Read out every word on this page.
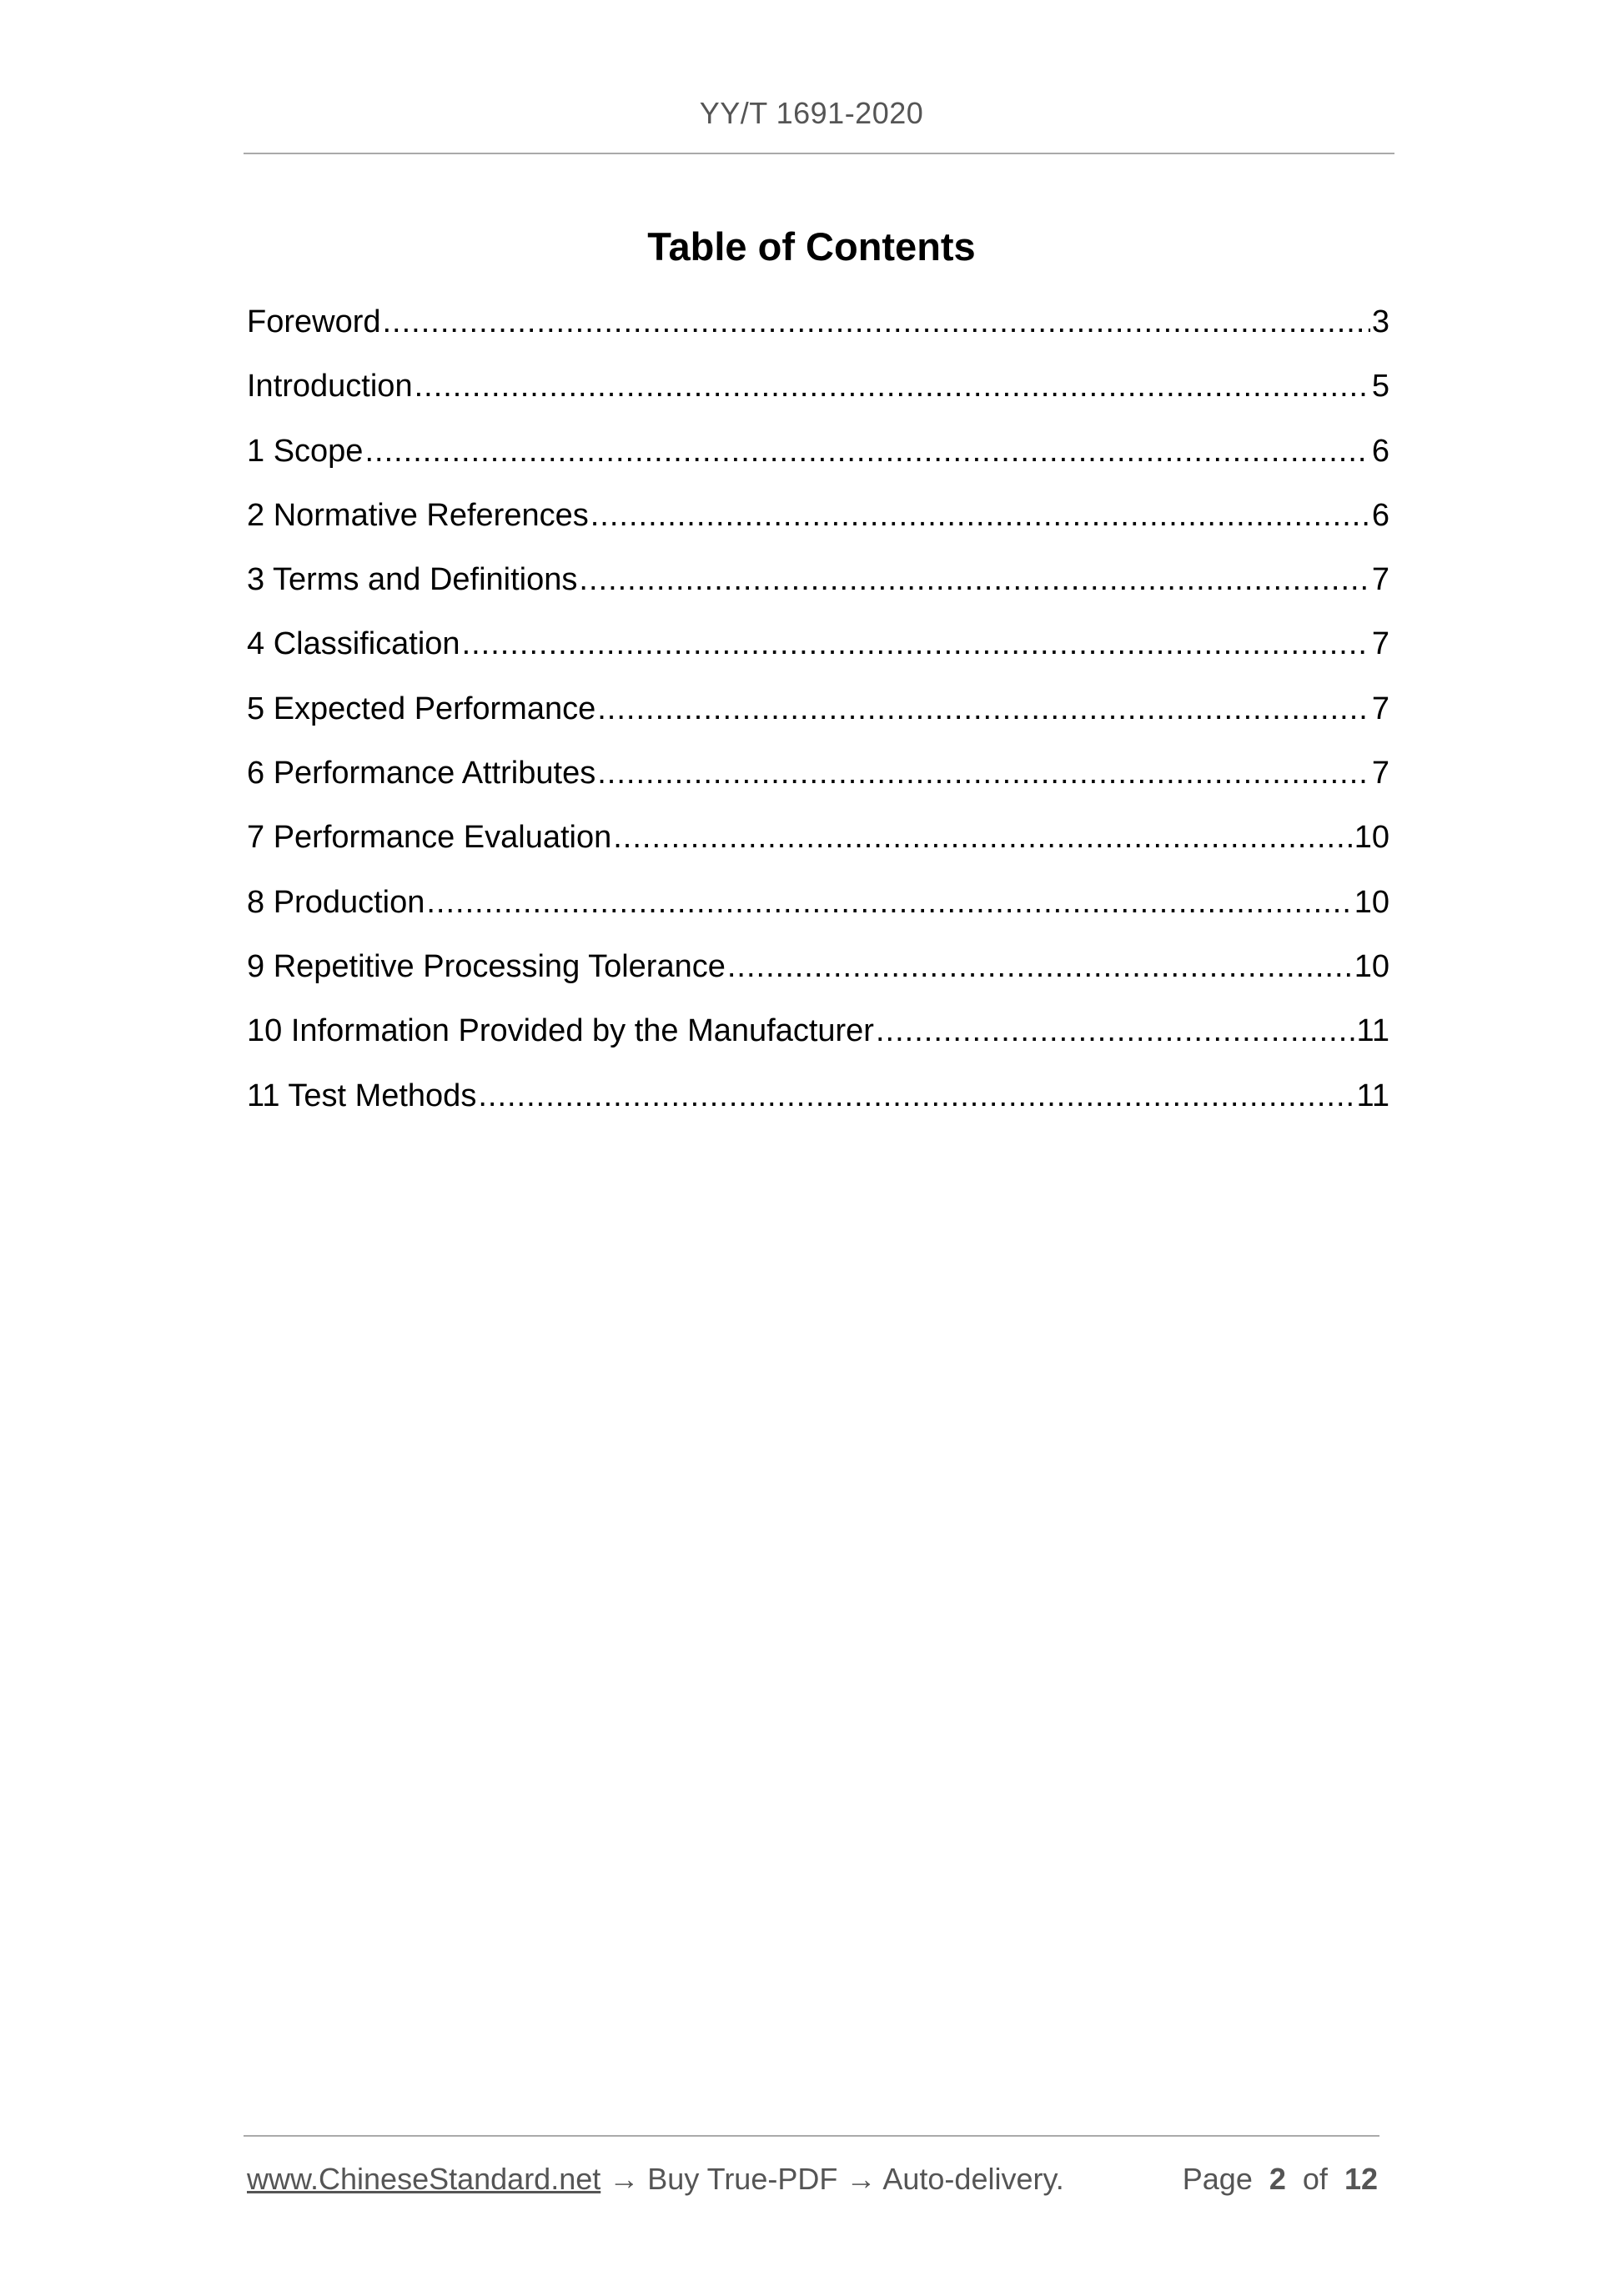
YY/T 1691-2020
Table of Contents
Foreword .....	3
Introduction .....	5
1 Scope .....	6
2 Normative References .....	6
3 Terms and Definitions .....	7
4 Classification .....	7
5 Expected Performance .....	7
6 Performance Attributes .....	7
7 Performance Evaluation .....	10
8 Production .....	10
9 Repetitive Processing Tolerance .....	10
10 Information Provided by the Manufacturer .....	11
11 Test Methods .....	11
www.ChineseStandard.net → Buy True-PDF → Auto-delivery.	Page 2 of 12
